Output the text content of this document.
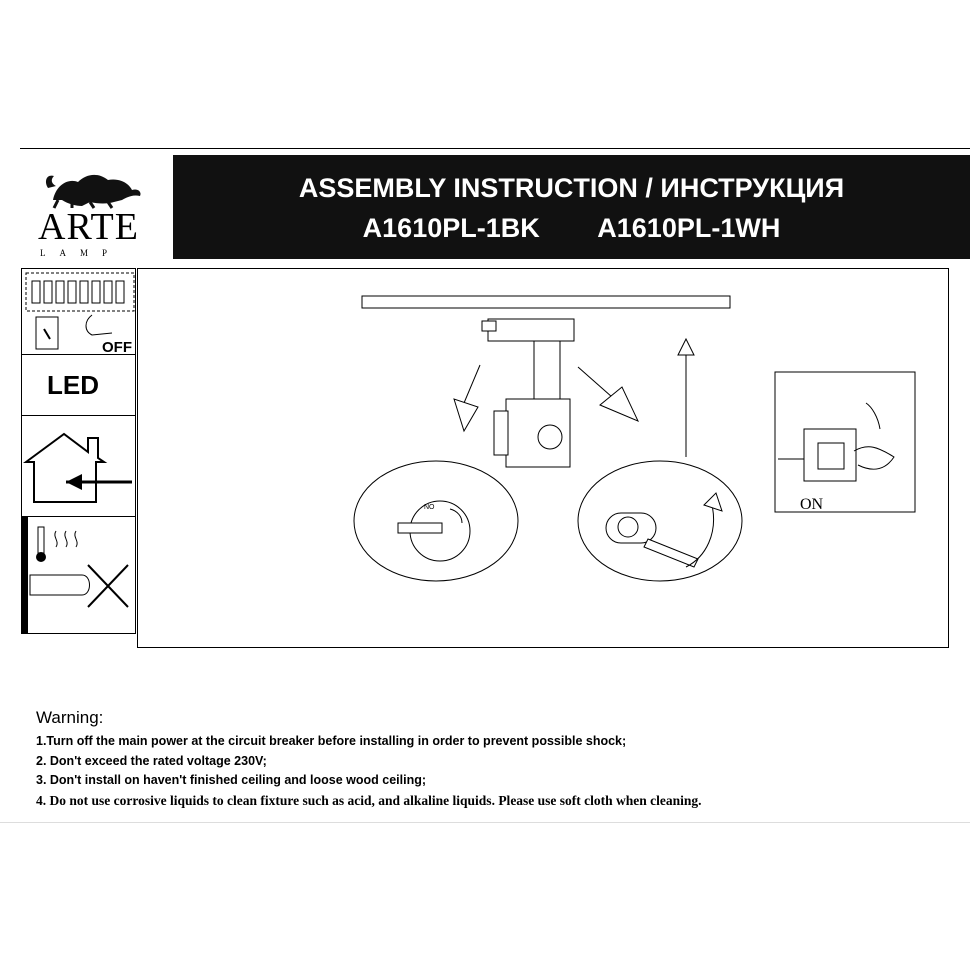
ARTE
LAMP
ASSEMBLY INSTRUCTION / ИНСТРУКЦИЯ
A1610PL-1BK A1610PL-1WH
OFF
LED
NO	ON
Warning:
1.Turn off the main power at the circuit breaker before installing in order to prevent possible shock;
2. Don't exceed the rated voltage 230V;
3. Don't install on haven't finished ceiling and loose wood ceiling;
4. Do not use corrosive liquids to clean fixture such as acid, and alkaline liquids. Please use soft cloth when cleaning.
